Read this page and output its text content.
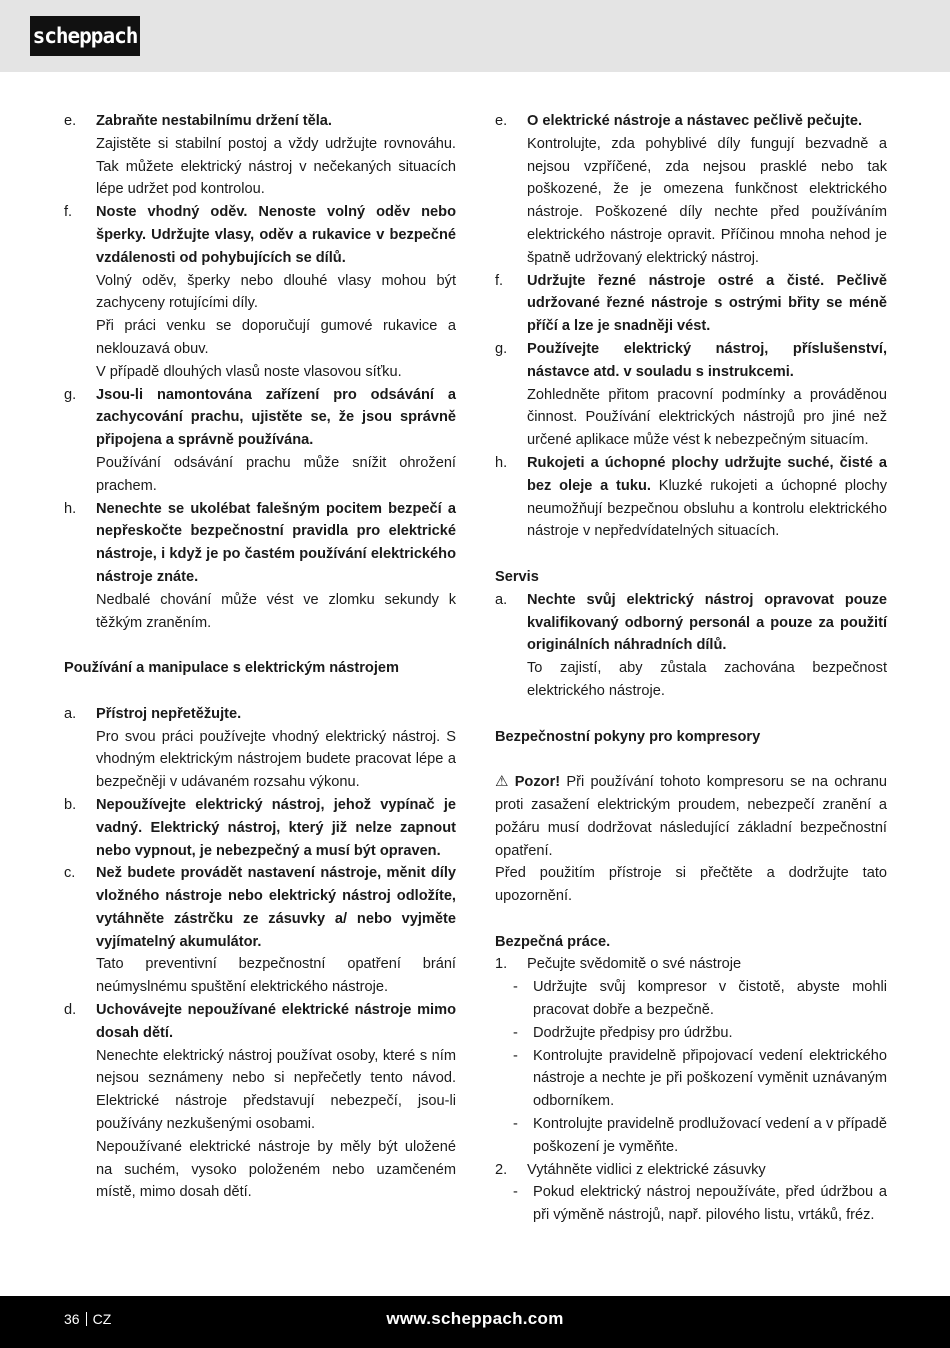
scheppach
e.	Zabraňte nestabilnímu držení těla.

Zajistěte si stabilní postoj a vždy udržujte rovnováhu. Tak můžete elektrický nástroj v nečekaných situacích lépe udržet pod kontrolou.

f.	Noste vhodný oděv. Nenoste volný oděv nebo šperky. Udržujte vlasy, oděv a rukavice v bezpečné vzdálenosti od pohybujících se dílů.

Volný oděv, šperky nebo dlouhé vlasy mohou být zachyceny rotujícími díly.

Při práci venku se doporučují gumové rukavice a neklouzavá obuv.

V případě dlouhých vlasů noste vlasovou síťku.

g.	Jsou-li namontována zařízení pro odsávání a zachycování prachu, ujistěte se, že jsou správně připojena a správně používána.

Používání odsávání prachu může snížit ohrožení prachem.

h.	Nenechte se ukolébat falešným pocitem bezpečí a nepřeskočte bezpečnostní pravidla pro elektrické nástroje, i když je po častém používání elektrického nástroje znáte.

Nedbalé chování může vést ve zlomku sekundy k těžkým zraněním.

Používání a manipulace s elektrickým nástrojem

a.	Přístroj nepřetěžujte.

Pro svou práci používejte vhodný elektrický nástroj. S vhodným elektrickým nástrojem budete pracovat lépe a bezpečněji v udávaném rozsahu výkonu.

b.	Nepoužívejte elektrický nástroj, jehož vypínač je vadný. Elektrický nástroj, který již nelze zapnout nebo vypnout, je nebezpečný a musí být opraven.

c.	Než budete provádět nastavení nástroje, měnit díly vložného nástroje nebo elektrický nástroj odložíte, vytáhněte zástrčku ze zásuvky a/ nebo vyjměte vyjímatelný akumulátor.

Tato preventivní bezpečnostní opatření brání neúmyslnému spuštění elektrického nástroje.

d.	Uchovávejte nepoužívané elektrické nástroje mimo dosah dětí.

Nenechte elektrický nástroj používat osoby, které s ním nejsou seznámeny nebo si nepřečetly tento návod. Elektrické nástroje představují nebezpečí, jsou-li používány nezkušenými osobami.

Nepoužívané elektrické nástroje by měly být uložené na suchém, vysoko položeném nebo uzamčeném místě, mimo dosah dětí.

e.	O elektrické nástroje a nástavec pečlivě pečujte.

Kontrolujte, zda pohyblivé díly fungují bezvadně a nejsou vzpříčené, zda nejsou prasklé nebo tak poškozené, že je omezena funkčnost elektrického nástroje. Poškozené díly nechte před používáním elektrického nástroje opravit. Příčinou mnoha nehod je špatně udržovaný elektrický nástroj.

f.	Udržujte řezné nástroje ostré a čisté. Pečlivě udržované řezné nástroje s ostrými břity se méně příčí a lze je snadněji vést.

g.	Používejte elektrický nástroj, příslušenství, nástavce atd. v souladu s instrukcemi.

Zohledněte přitom pracovní podmínky a prováděnou činnost. Používání elektrických nástrojů pro jiné než určené aplikace může vést k nebezpečným situacím.

h.	Rukojeti a úchopné plochy udržujte suché, čisté a bez oleje a tuku. Kluzké rukojeti a úchopné plochy neumožňují bezpečnou obsluhu a kontrolu elektrického nástroje v nepředvídatelných situacích.

Servis

a.	Nechte svůj elektrický nástroj opravovat pouze kvalifikovaný odborný personál a pouze za použití originálních náhradních dílů.

To zajistí, aby zůstala zachována bezpečnost elektrického nástroje.

Bezpečnostní pokyny pro kompresory

⚠ Pozor! Při používání tohoto kompresoru se na ochranu proti zasažení elektrickým proudem, nebezpečí zranění a požáru musí dodržovat následující základní bezpečnostní opatření.

Před použitím přístroje si přečtěte a dodržujte tato upozornění.

Bezpečná práce.

1.	Pečujte svědomitě o své nástroje
-	Udržujte svůj kompresor v čistotě, abyste mohli pracovat dobře a bezpečně.
-	Dodržujte předpisy pro údržbu.
-	Kontrolujte pravidelně připojovací vedení elektrického nástroje a nechte je při poškození vyměnit uznávaným odborníkem.
-	Kontrolujte pravidelně prodlužovací vedení a v případě poškození je vyměňte.
2.	Vytáhněte vidlici z elektrické zásuvky
-	Pokud elektrický nástroj nepoužíváte, před údržbou a při výměně nástrojů, např. pilového listu, vrtáků, fréz.
36 CZ	www.scheppach.com
